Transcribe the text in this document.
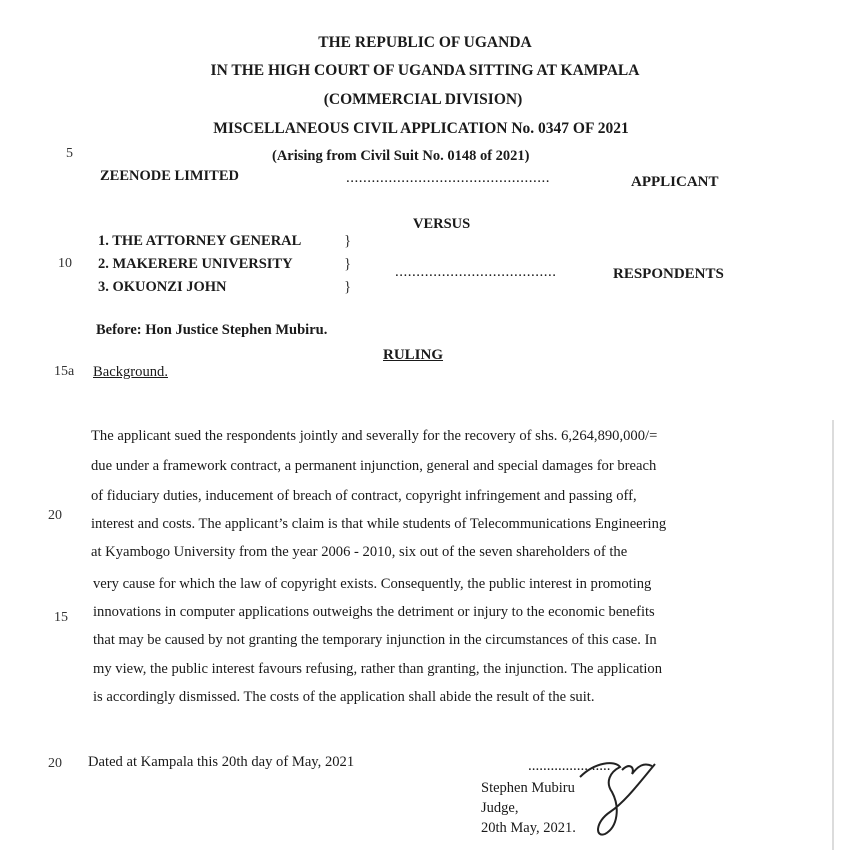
THE REPUBLIC OF UGANDA
IN THE HIGH COURT OF UGANDA SITTING AT KAMPALA
(COMMERCIAL DIVISION)
MISCELLANEOUS CIVIL APPLICATION No. 0347 OF 2021
(Arising from Civil Suit No. 0148 of 2021)
5
10
15a
20
15
20
ZEENODE LIMITED	................................................	APPLICANT
VERSUS
1. THE ATTORNEY GENERAL
2. MAKERERE UNIVERSITY
3. OKUONZI JOHN
}
}
}
......................................	RESPONDENTS
Before: Hon Justice Stephen Mubiru.
RULING
Background.
The applicant sued the respondents jointly and severally for the recovery of shs. 6,264,890,000/=
due under a framework contract, a permanent injunction, general and special damages for breach
of fiduciary duties, inducement of breach of contract, copyright infringement and passing off,
interest and costs. The applicant’s claim is that while students of Telecommunications Engineering
at Kyambogo University from the year 2006 - 2010, six out of the seven shareholders of the
very cause for which the law of copyright exists. Consequently, the public interest in promoting
innovations in computer applications outweighs the detriment or injury to the economic benefits
that may be caused by not granting the temporary injunction in the circumstances of this case. In
my view, the public interest favours refusing, rather than granting, the injunction. The application
is accordingly dismissed. The costs of the application shall abide the result of the suit.
Dated at Kampala this 20th day of May, 2021	......................
Stephen Mubiru
Judge,
20th May, 2021.
